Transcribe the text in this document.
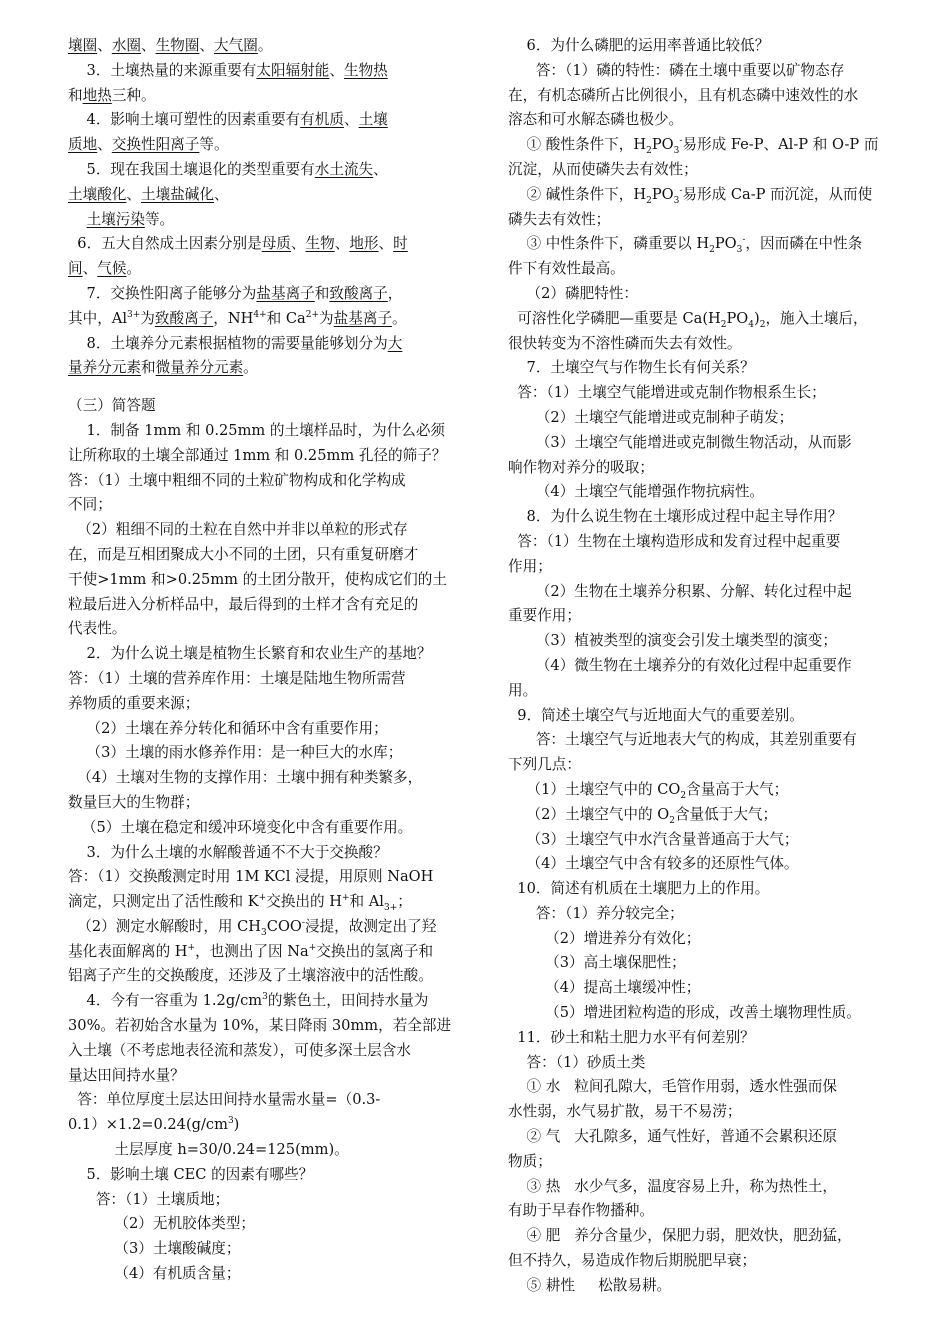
壤圈、水圈、生物圈、大气圈。
3．土壤热量的来源重要有太阳辐射能、生物热
和地热三种。
4．影响土壤可塑性的因素重要有有机质、土壤
质地、交换性阳离子等。
5．现在我国土壤退化的类型重要有水土流失、
土壤酸化、土壤盐碱化、
土壤污染等。
6．五大自然成土因素分别是母质、生物、地形、时
间、气候。
7．交换性阳离子能够分为盐基离子和致酸离子，
其中，$Al^{3+}$为致酸离子，$NH^{4+}$和 $Ca^{2+}$为盐基离子。
8．土壤养分元素根据植物的需要量能够划分为大
量养分元素和微量养分元素。
（三）简答题
1．制备 1mm 和 0.25mm 的土壤样品时，为什么必须
让所称取的土壤全部通过 1mm 和 0.25mm 孔径的筛子？
答：（1）土壤中粗细不同的土粒矿物构成和化学构成
不同；
（2）粗细不同的土粒在自然中并非以单粒的形式存
在，而是互相团聚成大小不同的土团，只有重复研磨才
干使>1mm 和>0.25mm 的土团分散开，使构成它们的土
粒最后进入分析样品中，最后得到的土样才含有充足的
代表性。
2．为什么说土壤是植物生长繁育和农业生产的基地？
答：（1）土壤的营养库作用：土壤是陆地生物所需营
养物质的重要来源；
（2）土壤在养分转化和循环中含有重要作用；
（3）土壤的雨水修养作用：是一种巨大的水库；
（4）土壤对生物的支撑作用：土壤中拥有种类繁多，
数量巨大的生物群；
（5）土壤在稳定和缓冲环境变化中含有重要作用。
3．为什么土壤的水解酸普通不不大于交换酸？
答：（1）交换酸测定时用 1M KCl 浸提，用原则 NaOH
滴定，只测定出了活性酸和 K+交换出的 H+和 $Al_{3+}$；
（2）测定水解酸时，用 $CH_3COO^-$浸提，故测定出了羟
基化表面解离的 H+，也测出了因 Na+交换出的氢离子和
铝离子产生的交换酸度，还涉及了土壤溶液中的活性酸。
4．今有一容重为 $1.2g/cm^3$的紫色土，田间持水量为
30%。若初始含水量为 10%，某日降雨 30mm，若全部进
入土壤（不考虑地表径流和蒸发），可使多深土层含水
量达田间持水量？
答：单位厚度土层达田间持水量需水量=（0.3-
$0.1)\times 1.2=0.24(g/cm^3)$
土层厚度 h=30/0.24=125(mm)。
5．影响土壤 CEC 的因素有哪些？
答：（1）土壤质地；
（2）无机胶体类型；
（3）土壤酸碱度；
（4）有机质含量；
6．为什么磷肥的运用率普通比较低？
答：（1）磷的特性：磷在土壤中重要以矿物态存
在，有机态磷所占比例很小，且有机态磷中速效性的水
溶态和可水解态磷也极少。
① 酸性条件下，$H_2PO_3^-$易形成 Fe-P、Al-P 和 O-P 而
沉淀，从而使磷失去有效性；
② 碱性条件下，$H_2PO_3^-$易形成 Ca-P 而沉淀，从而使
磷失去有效性；
③ 中性条件下，磷重要以 $H_2PO_3^-$，因而磷在中性条
件下有效性最高。
（2）磷肥特性：
可溶性化学磷肥—重要是 $Ca(H_2PO_4)_2$，施入土壤后，
很快转变为不溶性磷而失去有效性。
7．土壤空气与作物生长有何关系？
答：（1）土壤空气能增进或克制作物根系生长；
（2）土壤空气能增进或克制种子萌发；
（3）土壤空气能增进或克制微生物活动，从而影
响作物对养分的吸取；
（4）土壤空气能增强作物抗病性。
8．为什么说生物在土壤形成过程中起主导作用？
答：（1）生物在土壤构造形成和发育过程中起重要
作用；
（2）生物在土壤养分积累、分解、转化过程中起
重要作用；
（3）植被类型的演变会引发土壤类型的演变；
（4）微生物在土壤养分的有效化过程中起重要作
用。
9．简述土壤空气与近地面大气的重要差别。
答：土壤空气与近地表大气的构成，其差别重要有
下列几点：
（1）土壤空气中的 $CO_2$含量高于大气；
（2）土壤空气中的 $O_2$含量低于大气；
（3）土壤空气中水汽含量普通高于大气；
（4）土壤空气中含有较多的还原性气体。
10．简述有机质在土壤肥力上的作用。
答：（1）养分较完全；
（2）增进养分有效化；
（3）高土壤保肥性；
（4）提高土壤缓冲性；
（5）增进团粒构造的形成，改善土壤物理性质。
11．砂土和粘土肥力水平有何差别？
答：（1）砂质土类
① 水   粒间孔隙大，毛管作用弱，透水性强而保
水性弱，水气易扩散，易干不易涝；
② 气   大孔隙多，通气性好，普通不会累积还原
物质；
③ 热   水少气多，温度容易上升，称为热性土，
有助于早春作物播种。
④ 肥   养分含量少，保肥力弱，肥效快，肥劲猛，
但不持久，易造成作物后期脱肥早衰；
⑤ 耕性     松散易耕。
